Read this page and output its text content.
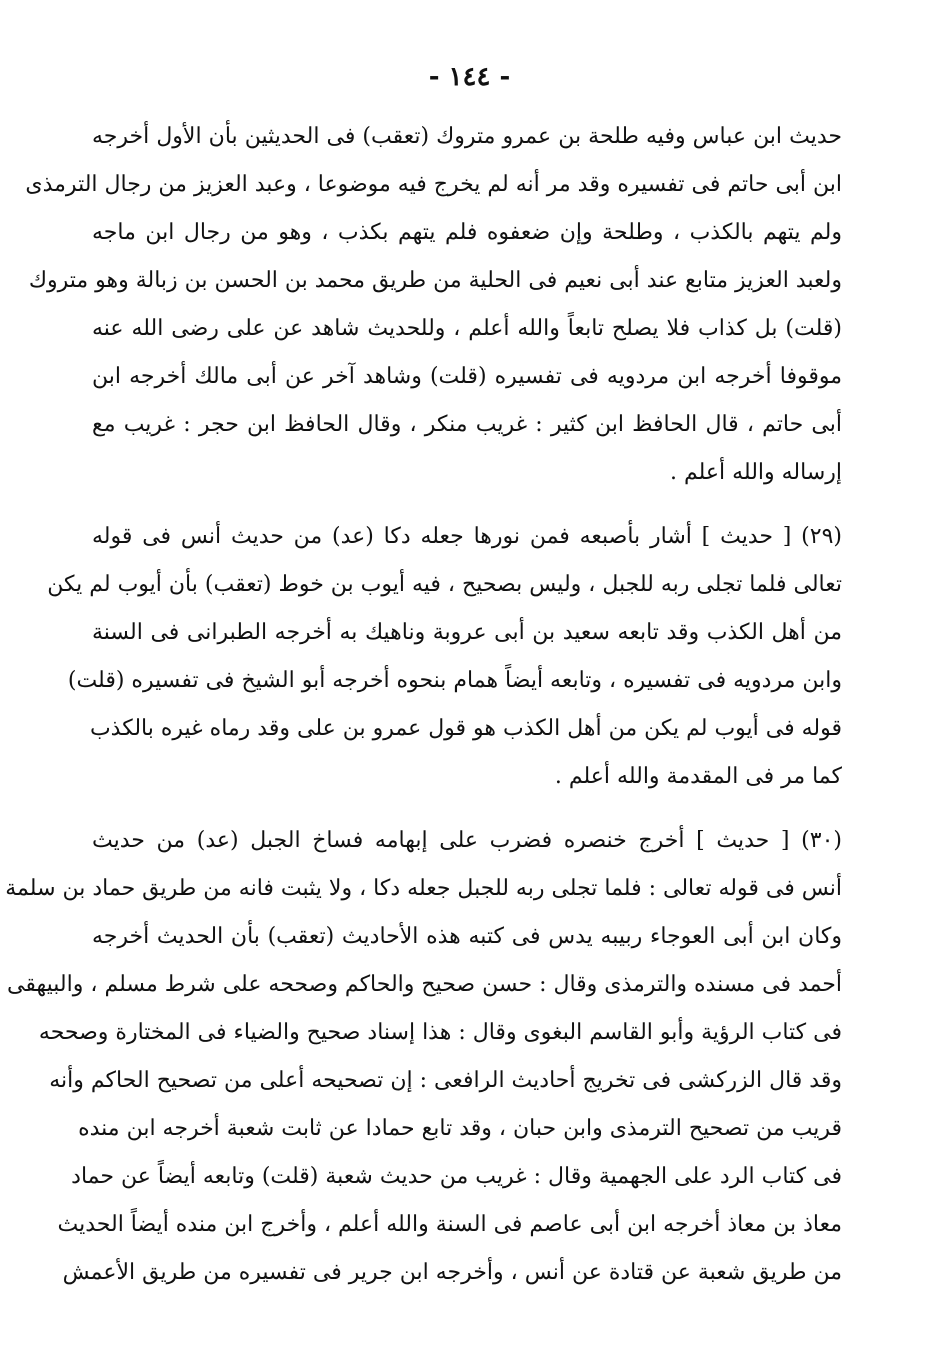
- ١٤٤ -
حديث ابن عباس وفيه طلحة بن عمرو متروك (تعقب) فى الحديثين بأن الأول أخرجه
ابن أبى حاتم فى تفسيره وقد مر أنه لم يخرج فيه موضوعا ، وعبد العزيز من رجال الترمذى
ولم يتهم بالكذب ، وطلحة وإن ضعفوه فلم يتهم بكذب ، وهو من رجال ابن ماجه
ولعبد العزيز متابع عند أبى نعيم فى الحلية من طريق محمد بن الحسن بن زبالة وهو متروك
(قلت) بل كذاب فلا يصلح تابعاً والله أعلم ، وللحديث شاهد عن على رضى الله عنه
موقوفا أخرجه ابن مردويه فى تفسيره (قلت) وشاهد آخر عن أبى مالك أخرجه ابن
أبى حاتم ، قال الحافظ ابن كثير : غريب منكر ، وقال الحافظ ابن حجر : غريب مع
إرساله والله أعلم .
(٢٩) [ حديث ] أشار بأصبعه فمن نورها جعله دكا (عد) من حديث أنس فى قوله
تعالى فلما تجلى ربه للجبل ، وليس بصحيح ، فيه أيوب بن خوط (تعقب) بأن أيوب لم يكن
من أهل الكذب وقد تابعه سعيد بن أبى عروبة وناهيك به أخرجه الطبرانى فى السنة
وابن مردويه فى تفسيره ، وتابعه أيضاً همام بنحوه أخرجه أبو الشيخ فى تفسيره (قلت)
قوله فى أيوب لم يكن من أهل الكذب هو قول عمرو بن على وقد رماه غيره بالكذب
كما مر فى المقدمة والله أعلم .
(٣٠) [ حديث ] أخرج خنصره فضرب على إبهامه فساخ الجبل (عد) من حديث
أنس فى قوله تعالى : فلما تجلى ربه للجبل جعله دكا ، ولا يثبت فانه من طريق حماد بن سلمة
وكان ابن أبى العوجاء ربيبه يدس فى كتبه هذه الأحاديث (تعقب) بأن الحديث أخرجه
أحمد فى مسنده والترمذى وقال : حسن صحيح والحاكم وصححه على شرط مسلم ، والبيهقى
فى كتاب الرؤية وأبو القاسم البغوى وقال : هذا إسناد صحيح والضياء فى المختارة وصححه
وقد قال الزركشى فى تخريج أحاديث الرافعى : إن تصحيحه أعلى من تصحيح الحاكم وأنه
قريب من تصحيح الترمذى وابن حبان ، وقد تابع حمادا عن ثابت شعبة أخرجه ابن منده
فى كتاب الرد على الجهمية وقال : غريب من حديث شعبة (قلت) وتابعه أيضاً عن حماد
معاذ بن معاذ أخرجه ابن أبى عاصم فى السنة والله أعلم ، وأخرج ابن منده أيضاً الحديث
من طريق شعبة عن قتادة عن أنس ، وأخرجه ابن جرير فى تفسيره من طريق الأعمش
